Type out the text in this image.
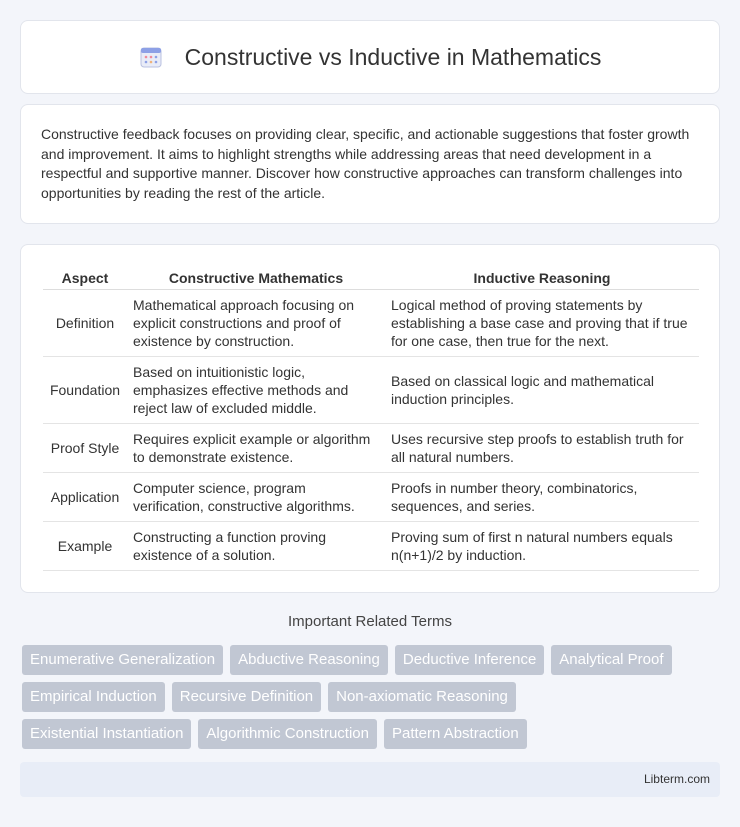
Constructive vs Inductive in Mathematics

Constructive feedback focuses on providing clear, specific, and actionable suggestions that foster growth and improvement. It aims to highlight strengths while addressing areas that need development in a respectful and supportive manner. Discover how constructive approaches can transform challenges into opportunities by reading the rest of the article.

Aspect	Constructive Mathematics	Inductive Reasoning
Definition	Mathematical approach focusing on explicit constructions and proof of existence by construction.	Logical method of proving statements by establishing a base case and proving that if true for one case, then true for the next.
Foundation	Based on intuitionistic logic, emphasizes effective methods and reject law of excluded middle.	Based on classical logic and mathematical induction principles.
Proof Style	Requires explicit example or algorithm to demonstrate existence.	Uses recursive step proofs to establish truth for all natural numbers.
Application	Computer science, program verification, constructive algorithms.	Proofs in number theory, combinatorics, sequences, and series.
Example	Constructing a function proving existence of a solution.	Proving sum of first n natural numbers equals n(n+1)/2 by induction.
Important Related Terms
Enumerative Generalization	Abductive Reasoning	Deductive Inference	Analytical Proof
Empirical Induction	Recursive Definition	Non-axiomatic Reasoning
Existential Instantiation	Algorithmic Construction	Pattern Abstraction
Libterm.com
